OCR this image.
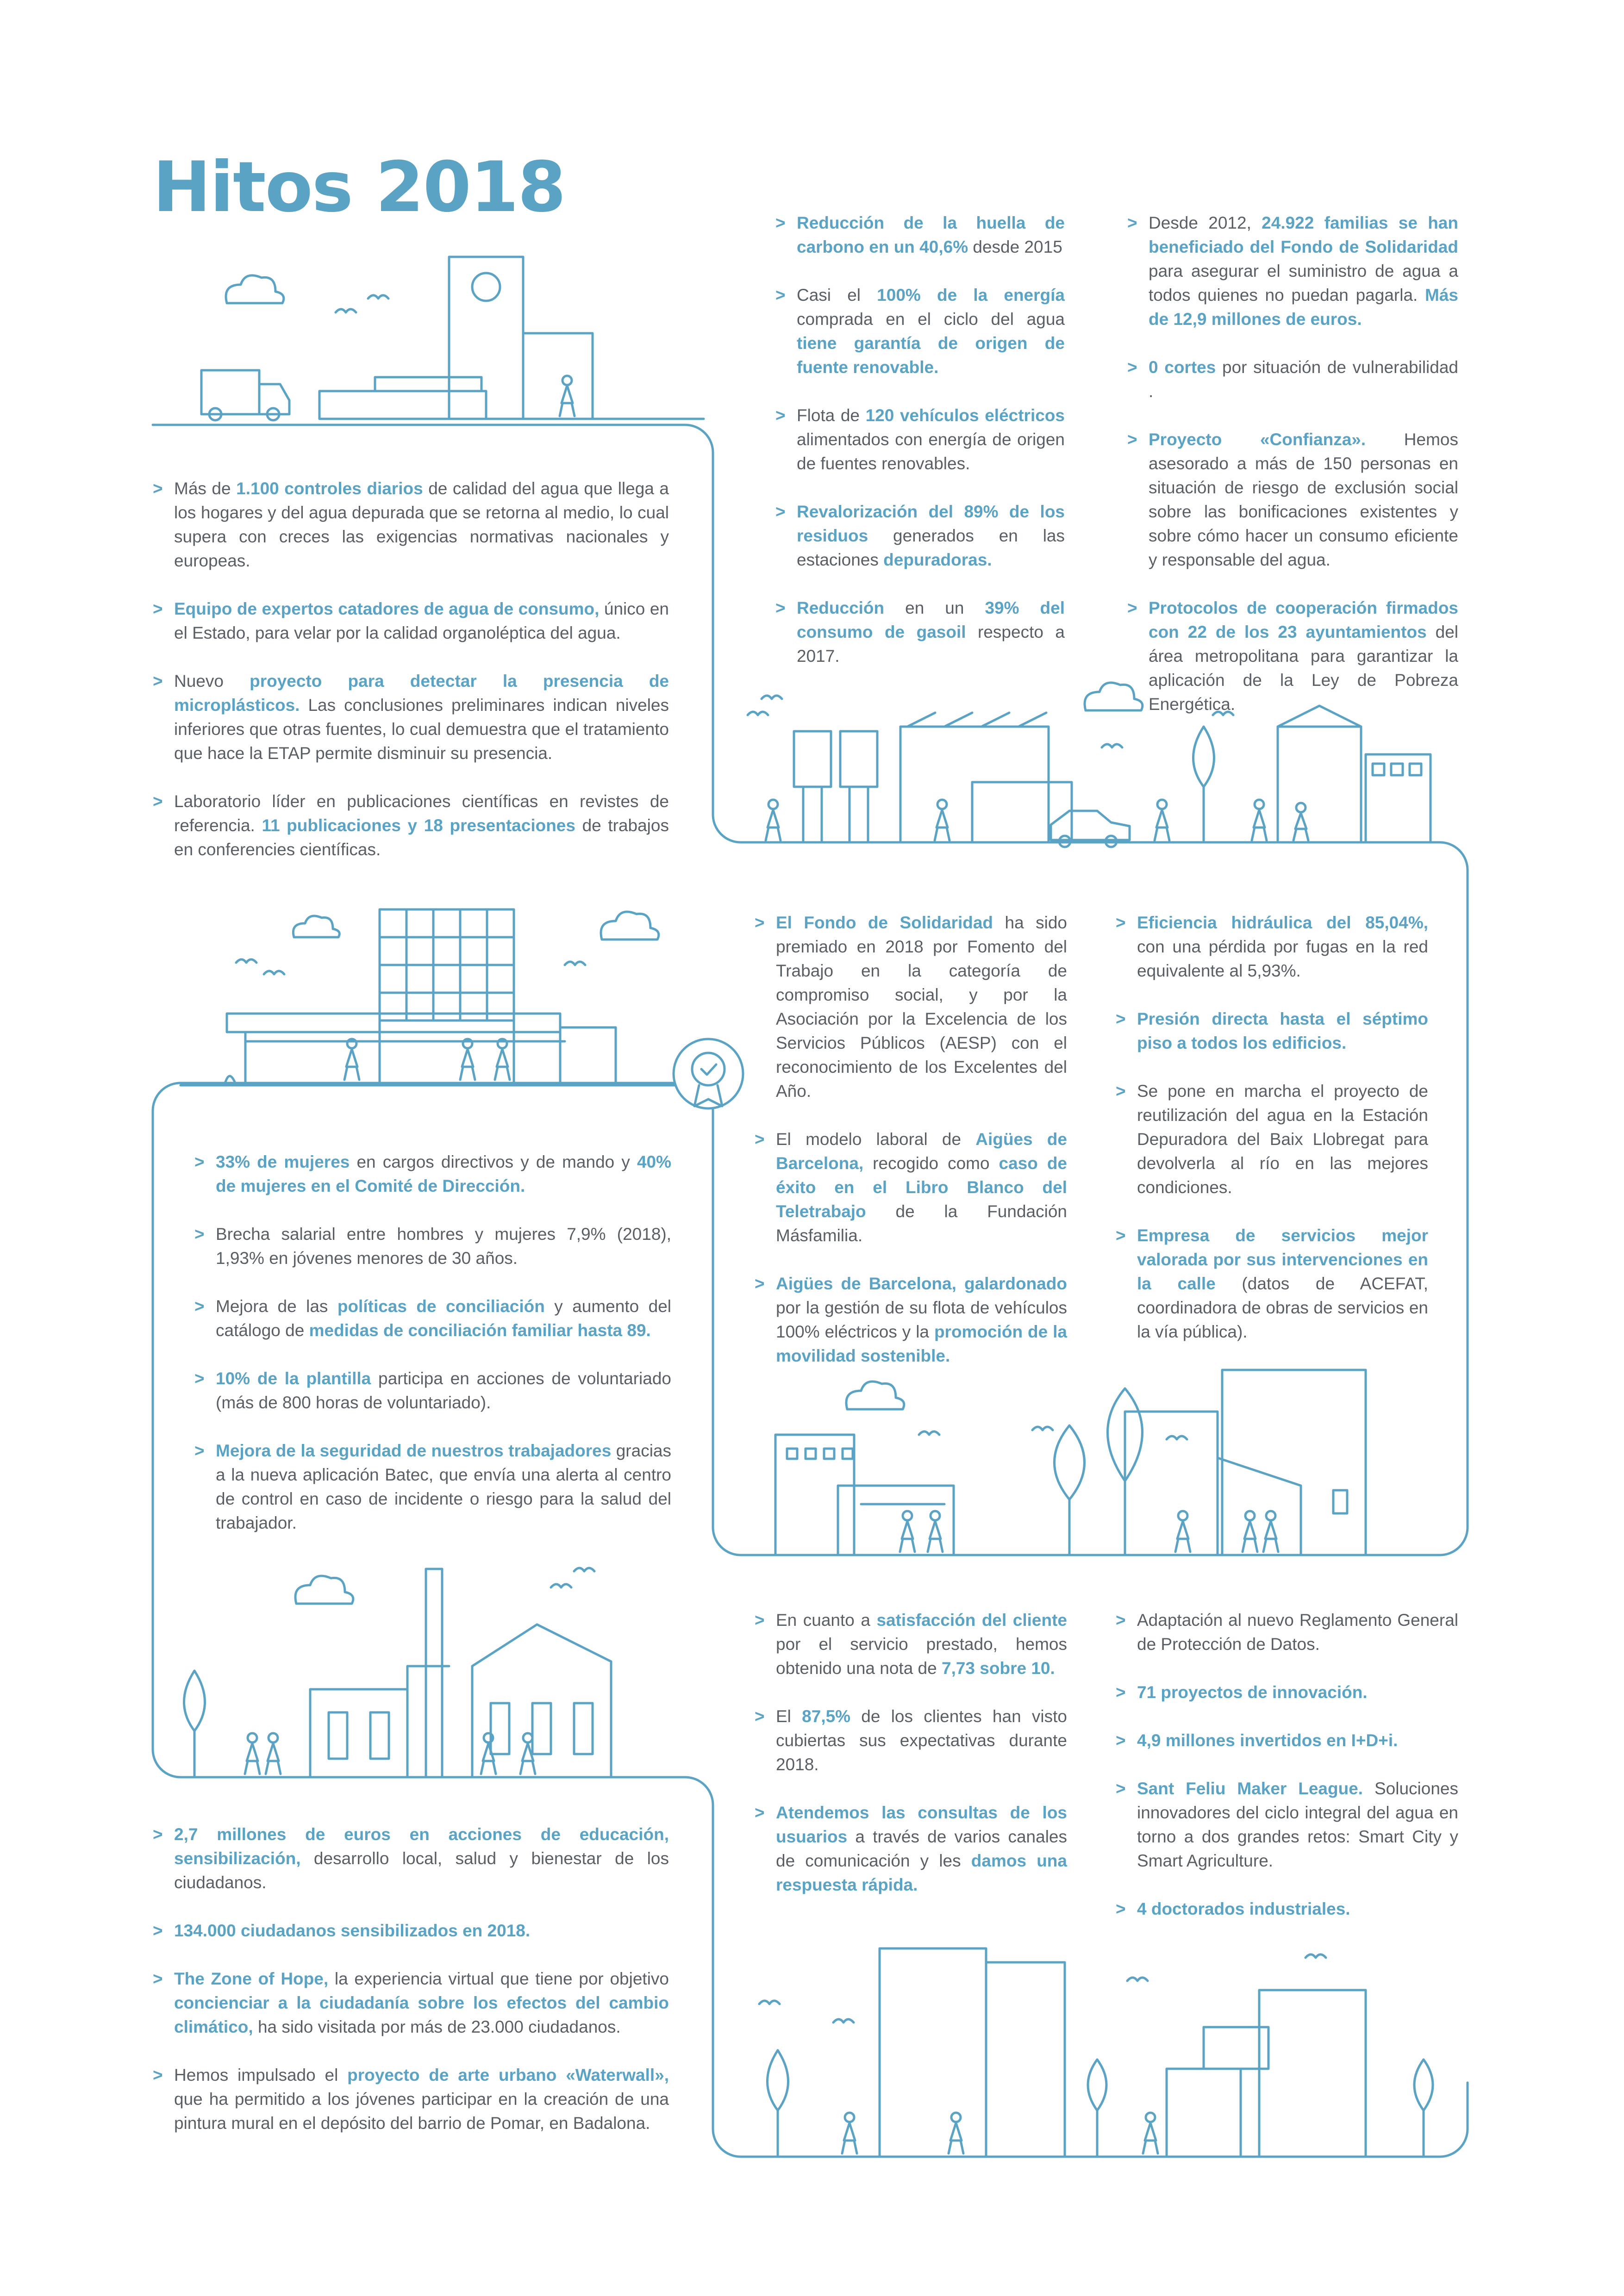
Hitos 2018
> Más de 1.100 controles diarios de calidad del agua que llega a los hogares y del agua depurada que se retorna al medio, lo cual supera con creces las exigencias normativas nacionales y europeas.
> Equipo de expertos catadores de agua de consumo, único en el Estado, para velar por la calidad organoléptica del agua.
> Nuevo proyecto para detectar la presencia de microplásticos. Las conclusiones preliminares indican niveles inferiores que otras fuentes, lo cual demuestra que el tratamiento que hace la ETAP permite disminuir su presencia.
> Laboratorio líder en publicaciones científicas en revistes de referencia. 11 publicaciones y 18 presentaciones de trabajos en conferencies científicas.
> Reducción de la huella de carbono en un 40,6% desde 2015
> Casi el 100% de la energía comprada en el ciclo del agua tiene garantía de origen de fuente renovable.
> Flota de 120 vehículos eléctricos alimentados con energía de origen de fuentes renovables.
> Revalorización del 89% de los residuos generados en las estaciones depuradoras.
> Reducción en un 39% del consumo de gasoil respecto a 2017.
> Desde 2012, 24.922 familias se han beneficiado del Fondo de Solidaridad para asegurar el suministro de agua a todos quienes no puedan pagarla. Más de 12,9 millones de euros.
> 0 cortes por situación de vulnerabilidad .
> Proyecto «Confianza». Hemos asesorado a más de 150 personas en situación de riesgo de exclusión social sobre las bonificaciones existentes y sobre cómo hacer un consumo eficiente y responsable del agua.
> Protocolos de cooperación firmados con 22 de los 23 ayuntamientos del área metropolitana para garantizar la aplicación de la Ley de Pobreza Energética.
> El Fondo de Solidaridad ha sido premiado en 2018 por Fomento del Trabajo en la categoría de compromiso social, y por la Asociación por la Excelencia de los Servicios Públicos (AESP) con el reconocimiento de los Excelentes del Año.
> El modelo laboral de Aigües de Barcelona, recogido como caso de éxito en el Libro Blanco del Teletrabajo de la Fundación Másfamilia.
> Aigües de Barcelona, galardonado por la gestión de su flota de vehículos 100% eléctricos y la promoción de la movilidad sostenible.
> Eficiencia hidráulica del 85,04%, con una pérdida por fugas en la red equivalente al 5,93%.
> Presión directa hasta el séptimo piso a todos los edificios.
> Se pone en marcha el proyecto de reutilización del agua en la Estación Depuradora del Baix Llobregat para devolverla al río en las mejores condiciones.
> Empresa de servicios mejor valorada por sus intervenciones en la calle (datos de ACEFAT, coordinadora de obras de servicios en la vía pública).
> 33% de mujeres en cargos directivos y de mando y 40% de mujeres en el Comité de Dirección.
> Brecha salarial entre hombres y mujeres 7,9% (2018), 1,93% en jóvenes menores de 30 años.
> Mejora de las políticas de conciliación y aumento del catálogo de medidas de conciliación familiar hasta 89.
> 10% de la plantilla participa en acciones de voluntariado (más de 800 horas de voluntariado).
> Mejora de la seguridad de nuestros trabajadores gracias a la nueva aplicación Batec, que envía una alerta al centro de control en caso de incidente o riesgo para la salud del trabajador.
> En cuanto a satisfacción del cliente por el servicio prestado, hemos obtenido una nota de 7,73 sobre 10.
> El 87,5% de los clientes han visto cubiertas sus expectativas durante 2018.
> Atendemos las consultas de los usuarios a través de varios canales de comunicación y les damos una respuesta rápida.
> Adaptación al nuevo Reglamento General de Protección de Datos.
> 71 proyectos de innovación.
> 4,9 millones invertidos en I+D+i.
> Sant Feliu Maker League. Soluciones innovadores del ciclo integral del agua en torno a dos grandes retos: Smart City y Smart Agriculture.
> 4 doctorados industriales.
> 2,7 millones de euros en acciones de educación, sensibilización, desarrollo local, salud y bienestar de los ciudadanos.
> 134.000 ciudadanos sensibilizados en 2018.
> The Zone of Hope, la experiencia virtual que tiene por objetivo concienciar a la ciudadanía sobre los efectos del cambio climático, ha sido visitada por más de 23.000 ciudadanos.
> Hemos impulsado el proyecto de arte urbano «Waterwall», que ha permitido a los jóvenes participar en la creación de una pintura mural en el depósito del barrio de Pomar, en Badalona.
